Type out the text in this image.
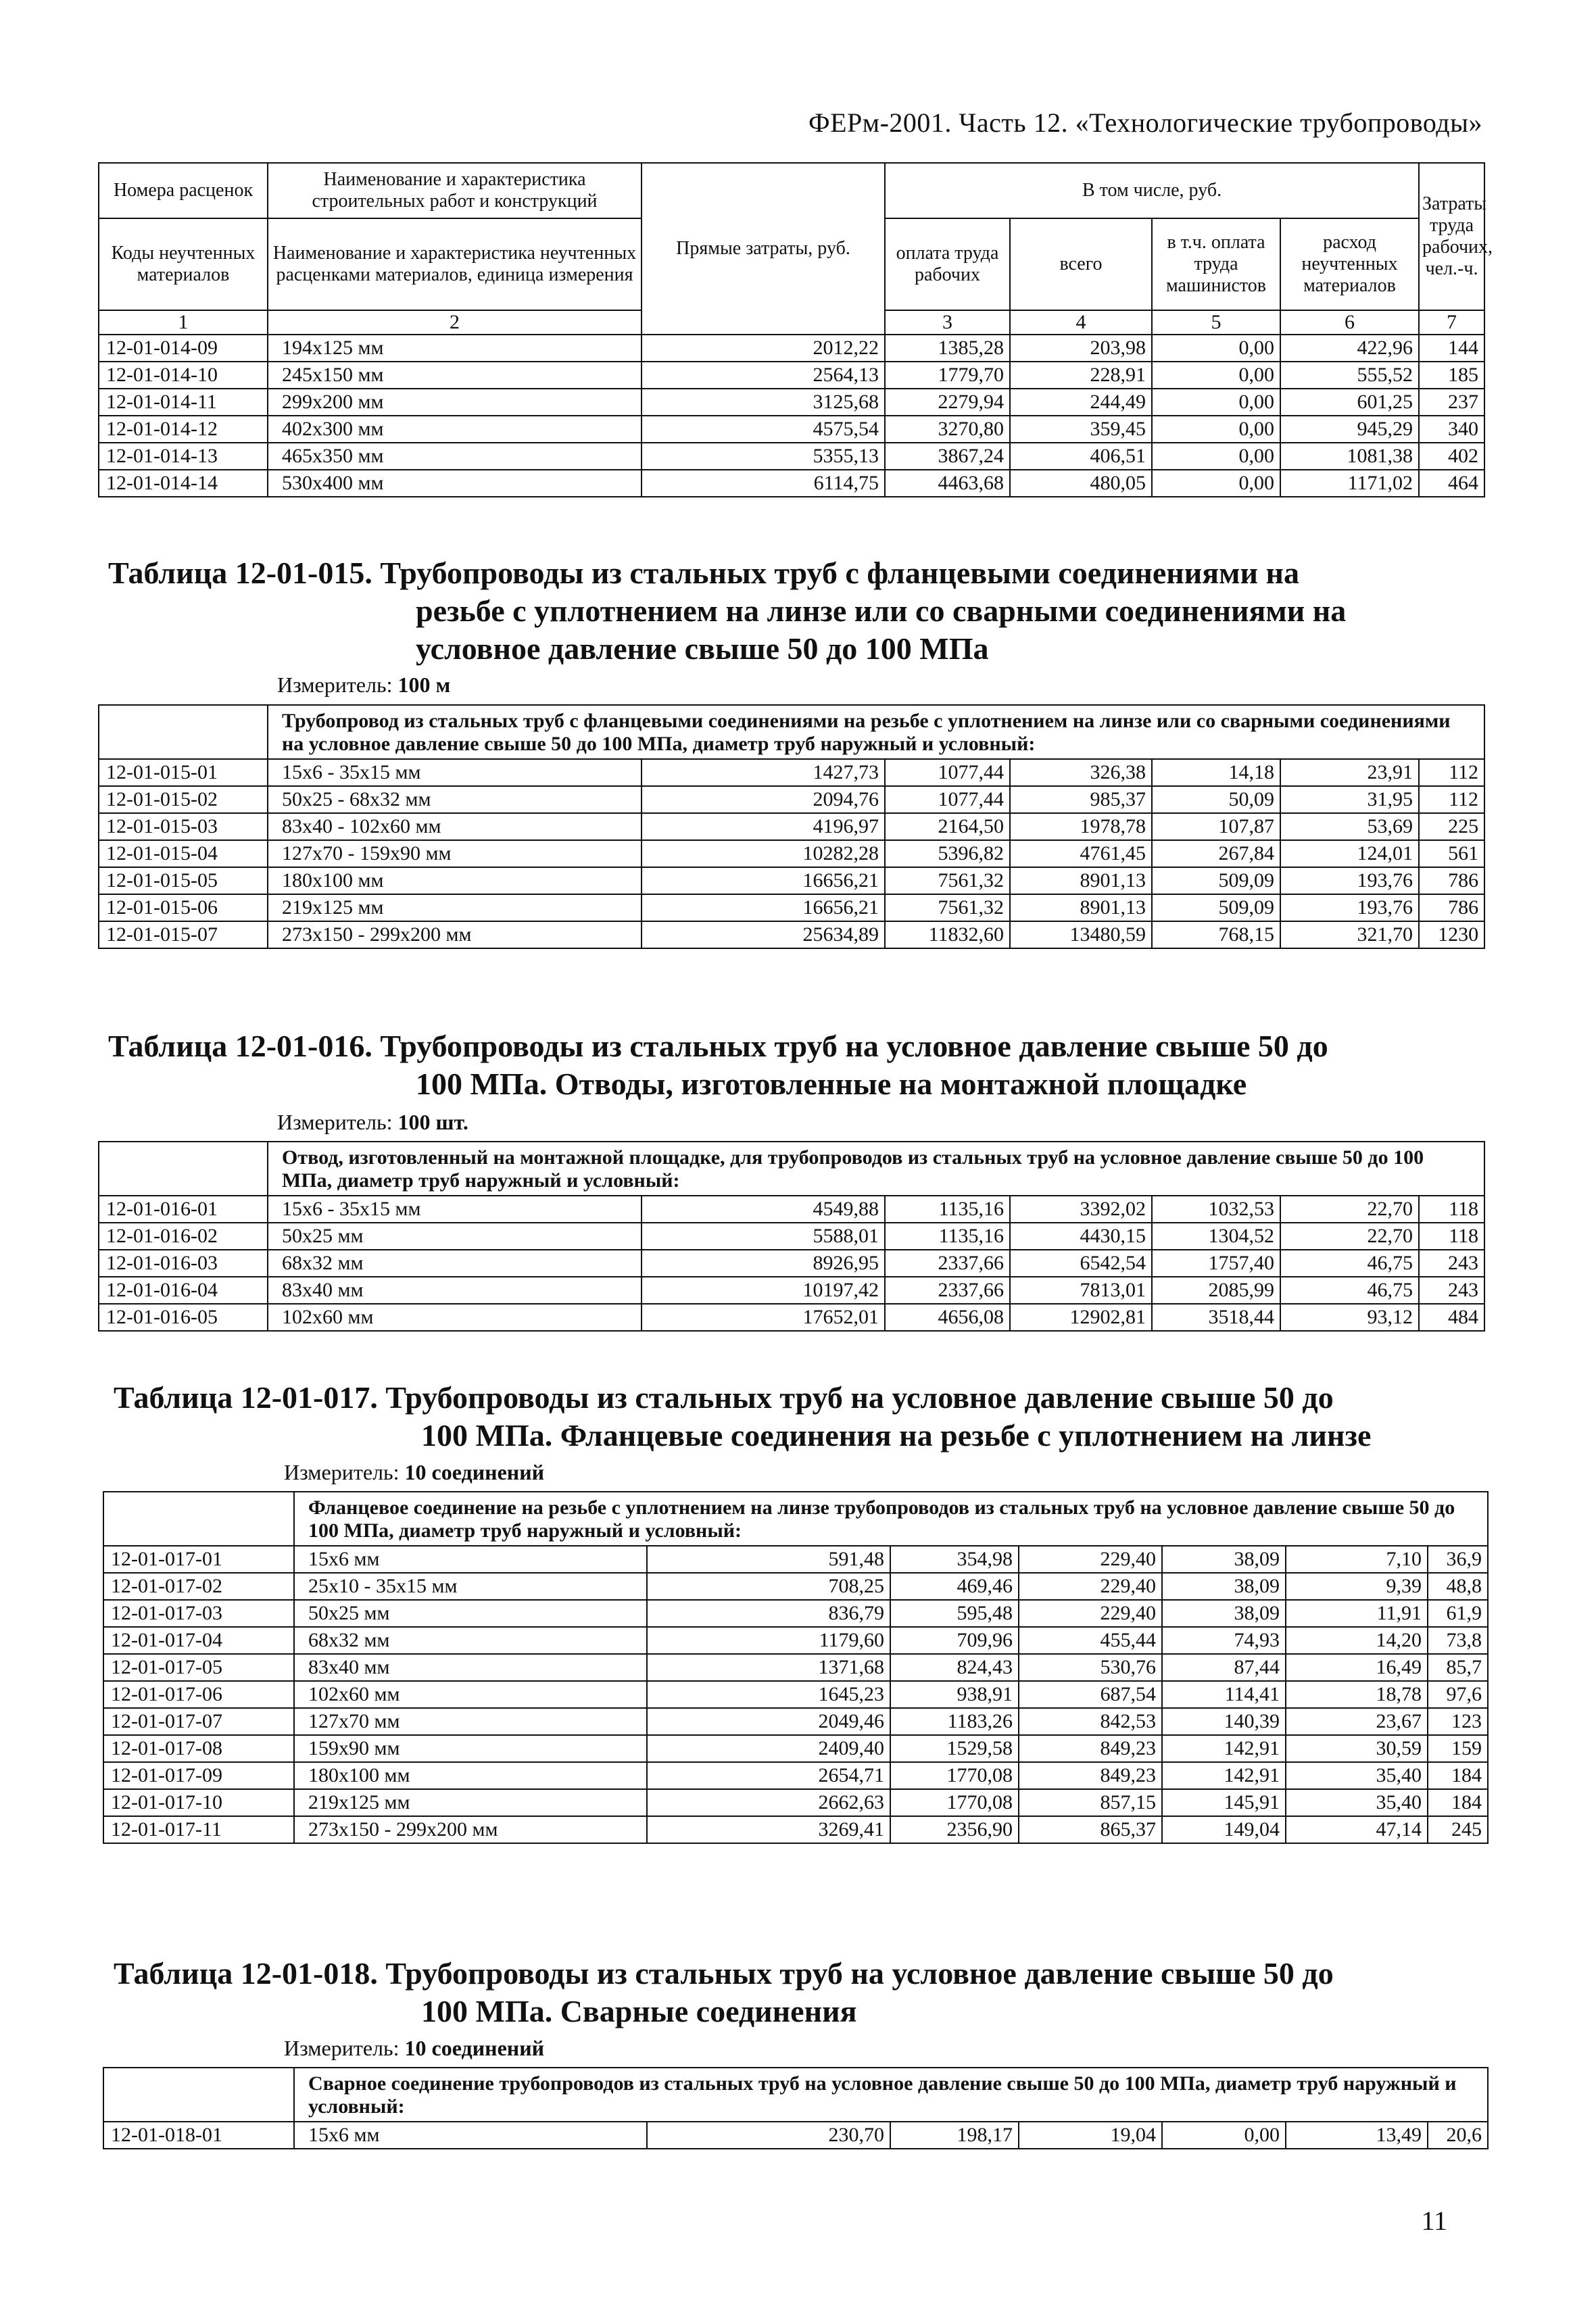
ФЕРм-2001. Часть 12. «Технологические трубопроводы»
Номера расценок	Наименование и характеристика строительных работ и конструкций	Прямые затраты, руб.	В том числе, руб.				Затраты труда рабочих, чел.-ч.	
Коды неучтенных материалов	Наименование и характеристика неучтенных расценками материалов, единица измерения		оплата труда рабочих	всего	в т.ч. оплата труда машинистов	расход неучтенных материалов	
1	2		3	4	5	6	7	
12-01-014-09	194x125 мм	2012,22	1385,28	203,98	0,00	422,96	144	
12-01-014-10	245x150 мм	2564,13	1779,70	228,91	0,00	555,52	185	
12-01-014-11	299x200 мм	3125,68	2279,94	244,49	0,00	601,25	237	
12-01-014-12	402x300 мм	4575,54	3270,80	359,45	0,00	945,29	340	
12-01-014-13	465x350 мм	5355,13	3867,24	406,51	0,00	1081,38	402	
12-01-014-14	530x400 мм	6114,75	4463,68	480,05	0,00	1171,02	464	
Таблица 12-01-015. Трубопроводы из стальных труб с фланцевыми соединениями на
резьбе с уплотнением на линзе или со сварными соединениями на
условное давление свыше 50 до 100 МПа
Измеритель: 100 м
	Трубопровод из стальных труб с фланцевыми соединениями на резьбе с уплотнением на линзе или со сварными соединениями на условное давление свыше 50 до 100 МПа, диаметр труб наружный и условный:						
12-01-015-01	15x6 - 35x15 мм	1427,73	1077,44	326,38	14,18	23,91	112
12-01-015-02	50x25 - 68x32 мм	2094,76	1077,44	985,37	50,09	31,95	112
12-01-015-03	83x40 - 102x60 мм	4196,97	2164,50	1978,78	107,87	53,69	225
12-01-015-04	127x70 - 159x90 мм	10282,28	5396,82	4761,45	267,84	124,01	561
12-01-015-05	180x100 мм	16656,21	7561,32	8901,13	509,09	193,76	786
12-01-015-06	219x125 мм	16656,21	7561,32	8901,13	509,09	193,76	786
12-01-015-07	273x150 - 299x200 мм	25634,89	11832,60	13480,59	768,15	321,70	1230
Таблица 12-01-016. Трубопроводы из стальных труб на условное давление свыше 50 до
100 МПа. Отводы, изготовленные на монтажной площадке
Измеритель: 100 шт.
	Отвод, изготовленный на монтажной площадке, для трубопроводов из стальных труб на условное давление свыше 50 до 100 МПа, диаметр труб наружный и условный:						
12-01-016-01	15x6 - 35x15 мм	4549,88	1135,16	3392,02	1032,53	22,70	118
12-01-016-02	50x25 мм	5588,01	1135,16	4430,15	1304,52	22,70	118
12-01-016-03	68x32 мм	8926,95	2337,66	6542,54	1757,40	46,75	243
12-01-016-04	83x40 мм	10197,42	2337,66	7813,01	2085,99	46,75	243
12-01-016-05	102x60 мм	17652,01	4656,08	12902,81	3518,44	93,12	484
Таблица 12-01-017. Трубопроводы из стальных труб на условное давление свыше 50 до
100 МПа. Фланцевые соединения на резьбе с уплотнением на линзе
Измеритель: 10 соединений
	Фланцевое соединение на резьбе с уплотнением на линзе трубопроводов из стальных труб на условное давление свыше 50 до 100 МПа, диаметр труб наружный и условный:						
12-01-017-01	15x6 мм	591,48	354,98	229,40	38,09	7,10	36,9
12-01-017-02	25x10 - 35x15 мм	708,25	469,46	229,40	38,09	9,39	48,8
12-01-017-03	50x25 мм	836,79	595,48	229,40	38,09	11,91	61,9
12-01-017-04	68x32 мм	1179,60	709,96	455,44	74,93	14,20	73,8
12-01-017-05	83x40 мм	1371,68	824,43	530,76	87,44	16,49	85,7
12-01-017-06	102x60 мм	1645,23	938,91	687,54	114,41	18,78	97,6
12-01-017-07	127x70 мм	2049,46	1183,26	842,53	140,39	23,67	123
12-01-017-08	159x90 мм	2409,40	1529,58	849,23	142,91	30,59	159
12-01-017-09	180x100 мм	2654,71	1770,08	849,23	142,91	35,40	184
12-01-017-10	219x125 мм	2662,63	1770,08	857,15	145,91	35,40	184
12-01-017-11	273x150 - 299x200 мм	3269,41	2356,90	865,37	149,04	47,14	245
Таблица 12-01-018. Трубопроводы из стальных труб на условное давление свыше 50 до
100 МПа. Сварные соединения
Измеритель: 10 соединений
	Сварное соединение трубопроводов из стальных труб на условное давление свыше 50 до 100 МПа, диаметр труб наружный и условный:						
12-01-018-01	15x6 мм	230,70	198,17	19,04	0,00	13,49	20,6
11
